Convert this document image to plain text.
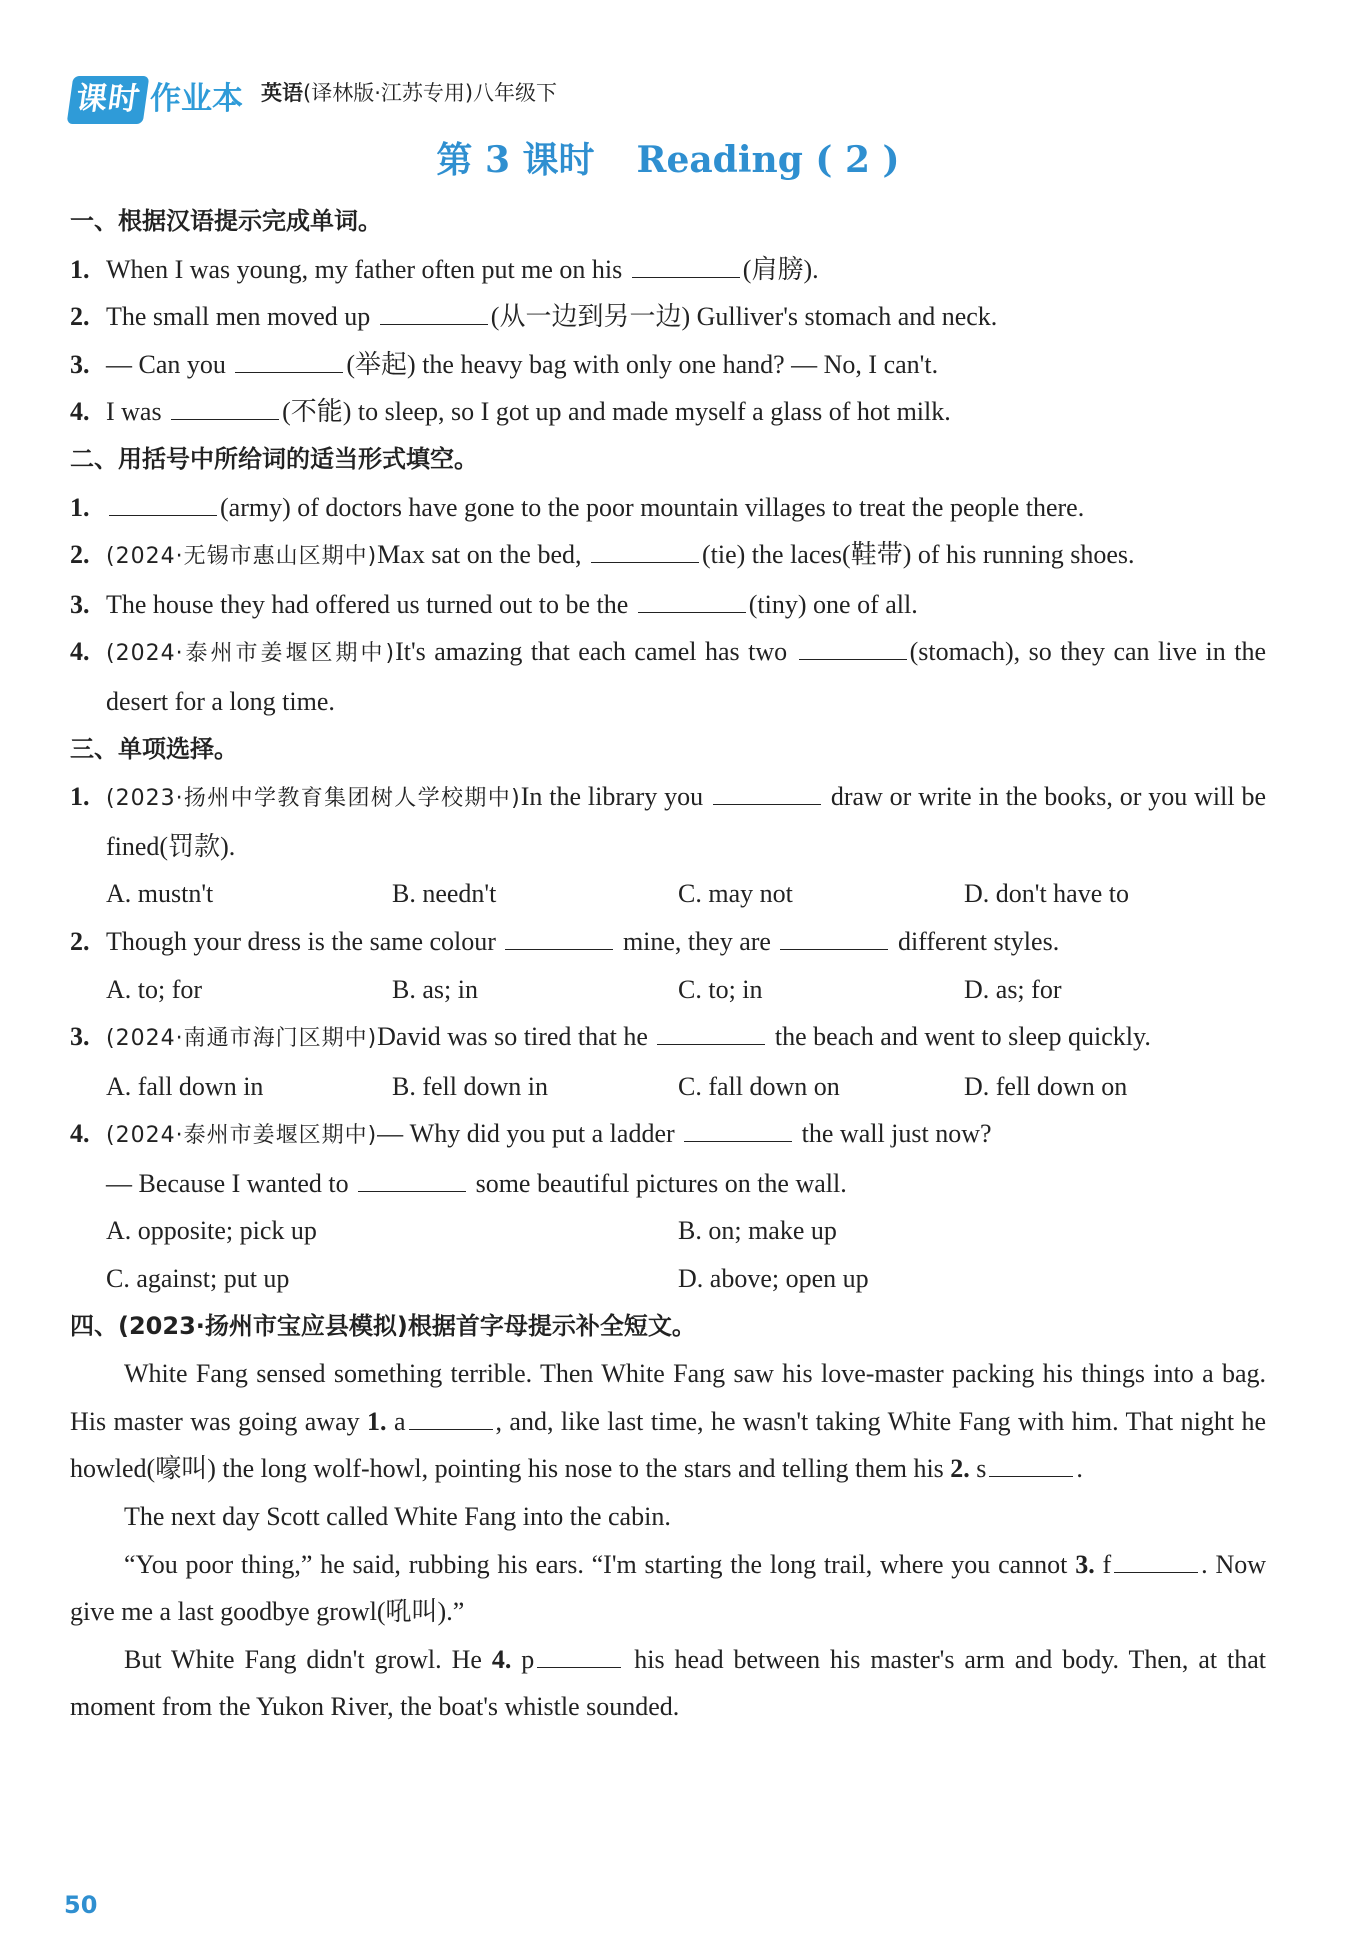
课时 作业本 英语(译林版·江苏专用)八年级下
第 3 课时 Reading ( 2 )
一、根据汉语提示完成单词。
1. When I was young, my father often put me on his	(肩膀).
2. The small men moved up	(从一边到另一边) Gulliver's stomach and neck.
3. — Can you	(举起) the heavy bag with only one hand? — No, I can't.
4. I was	(不能) to sleep, so I got up and made myself a glass of hot milk.
二、用括号中所给词的适当形式填空。
1.	(army) of doctors have gone to the poor mountain villages to treat the people there.
2. (2024·无锡市惠山区期中)Max sat on the bed,	(tie) the laces(鞋带) of his running shoes.
3. The house they had offered us turned out to be the	(tiny) one of all.
4. (2024·泰州市姜堰区期中)It's amazing that each camel has two	(stomach), so they can live in the desert for a long time.
三、单项选择。
1. (2023·扬州中学教育集团树人学校期中)In the library you	draw or write in the books, or you will be fined(罚款).
A. mustn't	B. needn't	C. may not	D. don't have to
2. Though your dress is the same colour	mine, they are	different styles.
A. to; for	B. as; in	C. to; in	D. as; for
3. (2024·南通市海门区期中)David was so tired that he	the beach and went to sleep quickly.
A. fall down in	B. fell down in	C. fall down on	D. fell down on
4. (2024·泰州市姜堰区期中)— Why did you put a ladder	the wall just now?
— Because I wanted to	some beautiful pictures on the wall.
A. opposite; pick up	B. on; make up
C. against; put up	D. above; open up
四、(2023·扬州市宝应县模拟)根据首字母提示补全短文。
White Fang sensed something terrible. Then White Fang saw his love-master packing his things into a bag. His master was going away 1. a	, and, like last time, he wasn't taking White Fang with him. That night he howled(嚎叫) the long wolf-howl, pointing his nose to the stars and telling them his 2. s	.
The next day Scott called White Fang into the cabin.
“You poor thing,” he said, rubbing his ears. “I'm starting the long trail, where you cannot 3. f	. Now give me a last goodbye growl(吼叫).”
But White Fang didn't growl. He 4. p	his head between his master's arm and body. Then, at that moment from the Yukon River, the boat's whistle sounded.
50
